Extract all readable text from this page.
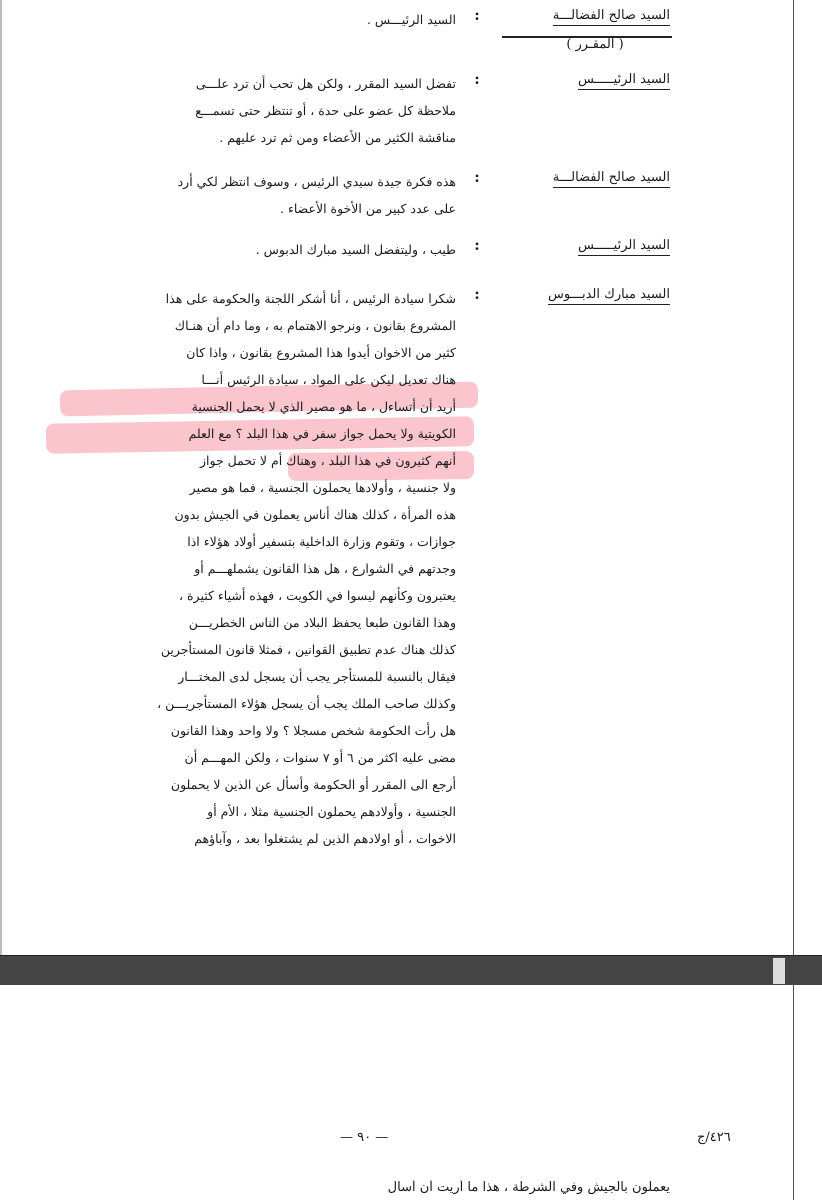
السيد صالح الفضالـــة
:
السيد الرئيـــس .
( المقـرر )
السيد الرئيـــــس
:
تفضل السيد المقرر ، ولكن هل تحب أن ترد علـــى
ملاحظة كل عضو على حدة ، أو تنتظر حتى تسمـــع
مناقشة الكثير من الأعضاء ومن ثم ترد عليهم .
السيد صالح الفضالـــة
:
هذه فكرة جيدة سيدي الرئيس ، وسوف انتظر لكي أرد
على عدد كبير من الأخوة الأعضاء .
السيد الرئيـــــس
:
طيب ، وليتفضل السيد مبارك الدبوس .
السيد مبارك الدبـــوس
:
شكرا سيادة الرئيس ، أنا أشكر اللجنة والحكومة على هذا
المشروع بقانون ، ونرجو الاهتمام به ، وما دام أن هنـاك
كثير من الاخوان أيدوا هذا المشروع بقانون ، واذا كان
هناك تعديل ليكن على المواد ، سيادة الرئيس أنـــا
أريد أن أتساءل ، ما هو مصير الذي لا يحمل الجنسية
الكويتية ولا يحمل جواز سفر في هذا البلد ؟ مع العلم
أنهم كثيرون في هذا البلد ، وهناك أم لا تحمل جواز
ولا جنسية ، وأولادها يحملون الجنسية ، فما هو مصير
هذه المرأة ، كذلك هناك أناس يعملون في الجيش بدون
جوازات ، وتقوم وزارة الداخلية بتسفير أولاد هؤلاء اذا
وجدتهم في الشوارع ، هل هذا القانون يشملهـــم أو
يعتبرون وكأنهم ليسوا في الكويت ، فهذه أشياء كثيرة ،
وهذا القانون طبعا يحفظ البلاد من الناس الخطريـــن
كذلك هناك عدم تطبيق القوانين ، فمثلا قانون المستأجرين
فيقال بالنسبة للمستأجر يجب أن يسجل لدى المختـــار
وكذلك صاحب الملك يجب أن يسجل هؤلاء المستأجريـــن ،
هل رأت الحكومة شخص مسجلا ؟ ولا واحد وهذا القانون
مضى عليه اكثر من ٦ أو ٧ سنوات ، ولكن المهـــم أن
أرجع الى المقرر أو الحكومة وأسأل عن الذين لا يحملون
الجنسية ، وأولادهم يحملون الجنسية مثلا ، الأم أو
الاخوات ، أو اولادهم الذين لم يشتغلوا بعد ، وآباؤهم
— ٩٠ —	٤٢٦/ج
يعملون بالجيش وفي الشرطة ، هذا ما أريت أن أسأل
